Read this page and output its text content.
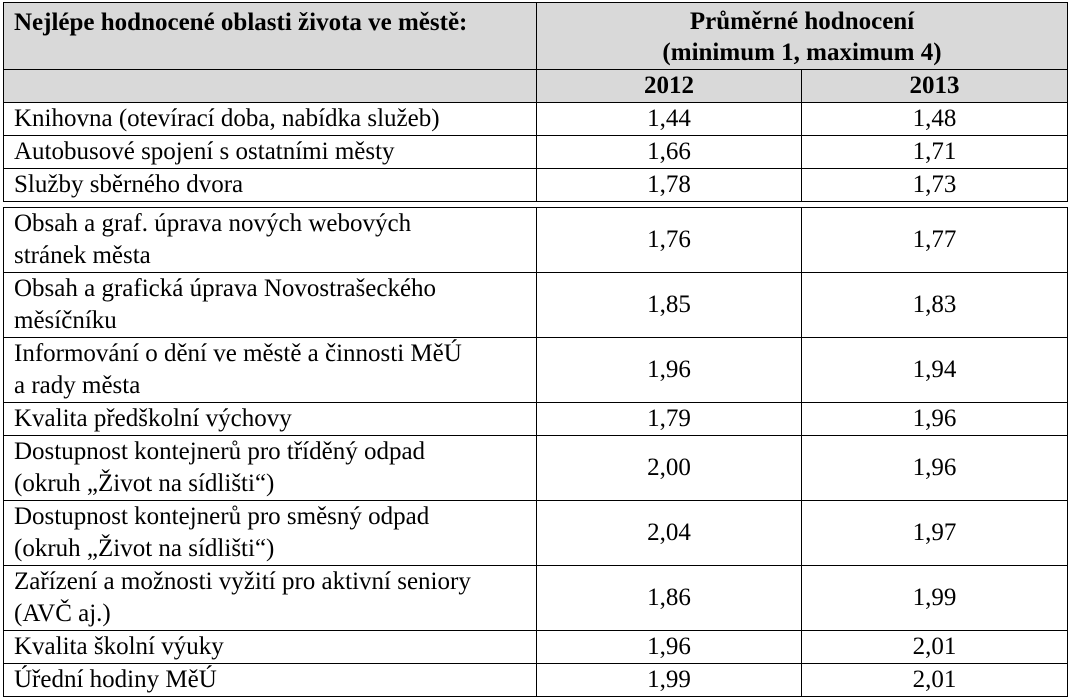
Nejlépe hodnocené oblasti života ve městě:	Průměrné hodnocení
(minimum 1, maximum 4)	

	2012	2013

Knihovna (otevírací doba, nabídka služeb)	1,44	1,48

Autobusové spojení s ostatními městy	1,66	1,71

Služby sběrného dvora	1,78	1,73

Obsah a graf. úprava nových webových
stránek města	1,76	1,77

Obsah a grafická úprava Novostrašeckého
měsíčníku	1,85	1,83

Informování o dění ve městě a činnosti MěÚ
a rady města	1,96	1,94

Kvalita předškolní výchovy	1,79	1,96

Dostupnost kontejnerů pro tříděný odpad
(okruh „Život na sídlišti“)	2,00	1,96

Dostupnost kontejnerů pro směsný odpad
(okruh „Život na sídlišti“)	2,04	1,97

Zařízení a možnosti vyžití pro aktivní seniory
(AVČ aj.)	1,86	1,99

Kvalita školní výuky	1,96	2,01

Úřední hodiny MěÚ	1,99	2,01
